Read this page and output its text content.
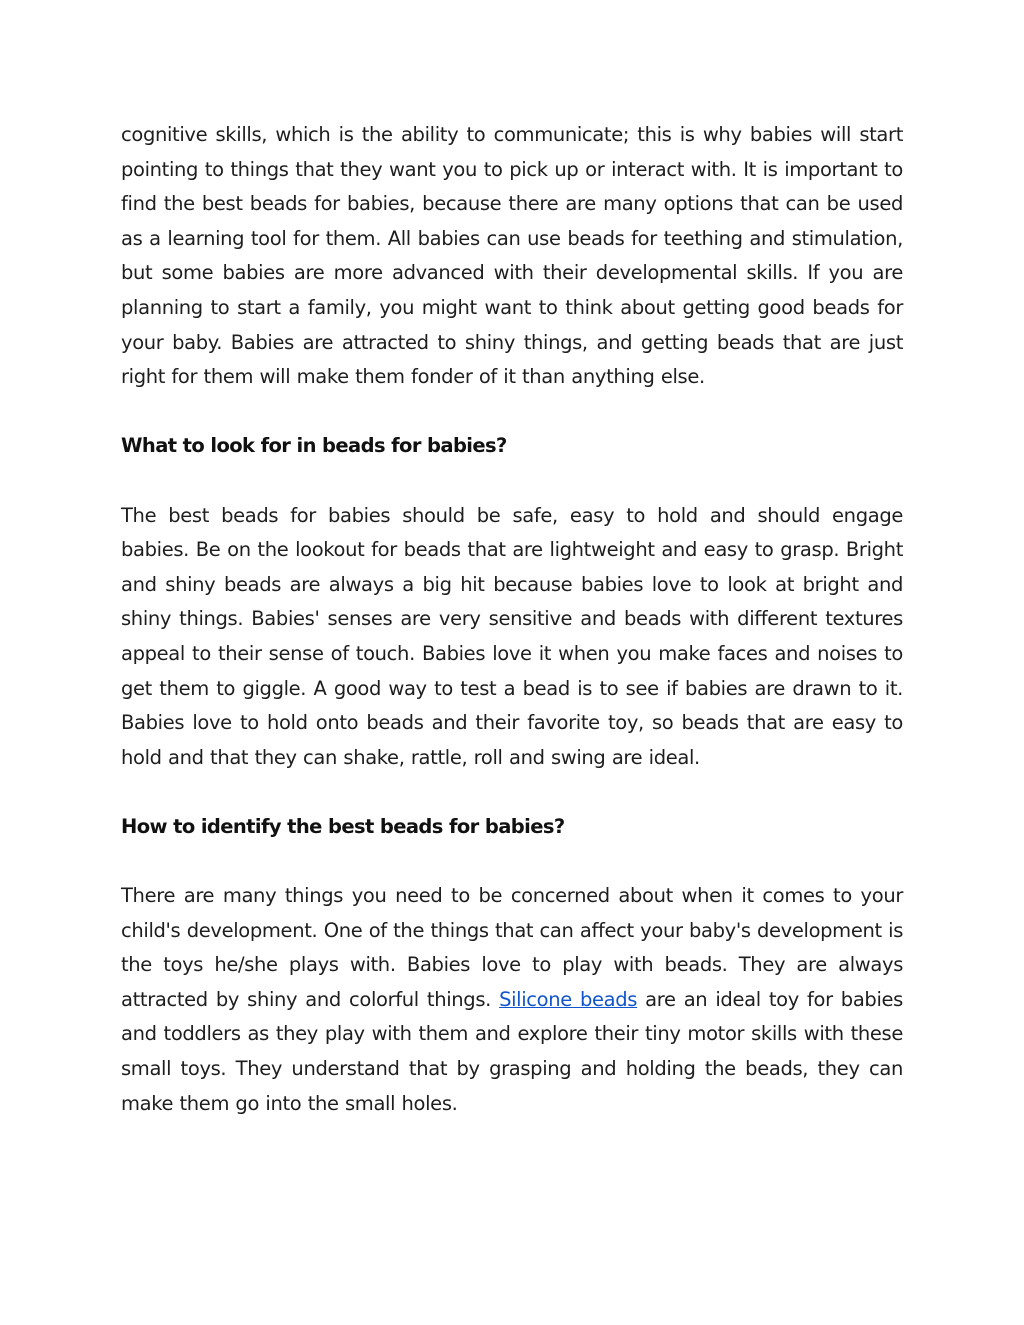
cognitive skills, which is the ability to communicate; this is why babies will start pointing to things that they want you to pick up or interact with. It is important to find the best beads for babies, because there are many options that can be used as a learning tool for them. All babies can use beads for teething and stimulation, but some babies are more advanced with their developmental skills. If you are planning to start a family, you might want to think about getting good beads for your baby. Babies are attracted to shiny things, and getting beads that are just right for them will make them fonder of it than anything else.

What to look for in beads for babies?

The best beads for babies should be safe, easy to hold and should engage babies. Be on the lookout for beads that are lightweight and easy to grasp. Bright and shiny beads are always a big hit because babies love to look at bright and shiny things. Babies' senses are very sensitive and beads with different textures appeal to their sense of touch. Babies love it when you make faces and noises to get them to giggle. A good way to test a bead is to see if babies are drawn to it. Babies love to hold onto beads and their favorite toy, so beads that are easy to hold and that they can shake, rattle, roll and swing are ideal.

How to identify the best beads for babies?

There are many things you need to be concerned about when it comes to your child's development. One of the things that can affect your baby's development is the toys he/she plays with. Babies love to play with beads. They are always attracted by shiny and colorful things. Silicone beads are an ideal toy for babies and toddlers as they play with them and explore their tiny motor skills with these small toys. They understand that by grasping and holding the beads, they can make them go into the small holes.
